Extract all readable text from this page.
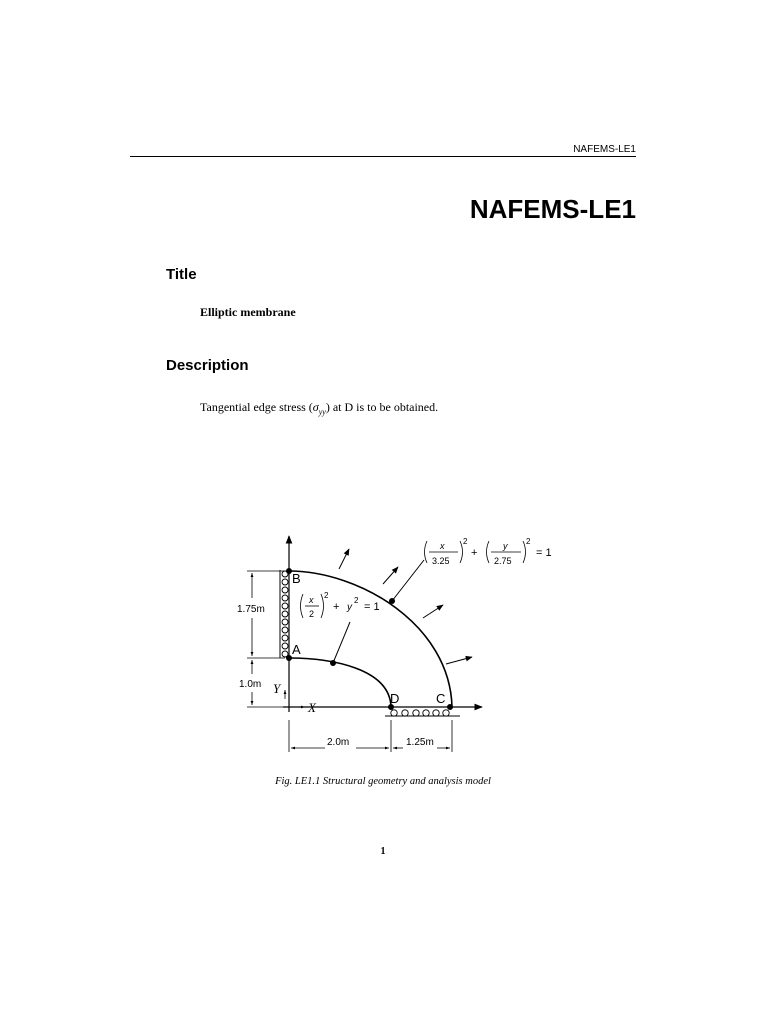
NAFEMS-LE1
NAFEMS-LE1
Title
Elliptic membrane
Description
Tangential edge stress $(\sigma_{yy})$ at D is to be obtained.
1.75m
1.0m
2.0m	1.25m
B
A
D	C
Y
X
x
3.25
2
+
y
2.75
2
= 1
x
2
2
+ y
2
= 1
Fig. LE1.1 Structural geometry and analysis model
1
